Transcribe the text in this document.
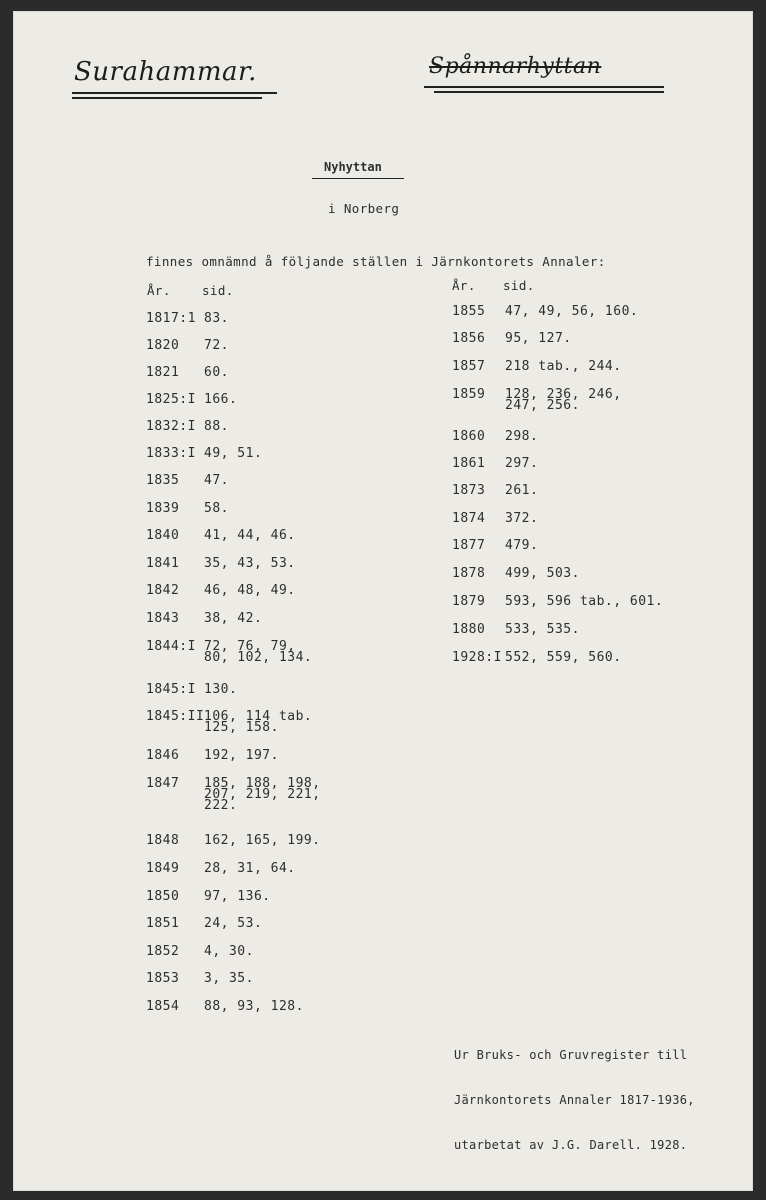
Surahammar.	Spånnarhyttan
Nyhyttan
i Norberg
finnes omnämnd å följande ställen i Järnkontorets Annaler:
År. sid.	År. sid.
1817:1 83.
1820 72.
1821 60.
1825:I 166.
1832:I 88.
1833:I 49, 51.
1835 47.
1839 58.
1840 41, 44, 46.
1841 35, 43, 53.
1842 46, 48, 49.
1843 38, 42.
1844:I 72, 76, 79,
80, 102, 134.
1845:I 130.
1845:II 106, 114 tab.
125, 158.
1846 192, 197.
1847 185, 188, 198,
207, 219, 221,
222.
1848 162, 165, 199.
1849 28, 31, 64.
1850 97, 136.
1851 24, 53.
1852 4, 30.
1853 3, 35.
1854 88, 93, 128.
1855 47, 49, 56, 160.
1856 95, 127.
1857 218 tab., 244.
1859 128, 236, 246,
247, 256.
1860 298.
1861 297.
1873 261.
1874 372.
1877 479.
1878 499, 503.
1879 593, 596 tab., 601.
1880 533, 535.
1928:I 552, 559, 560.

Ur Bruks- och Gruvregister till

Järnkontorets Annaler 1817-1936,

utarbetat av J.G. Darell. 1928.
